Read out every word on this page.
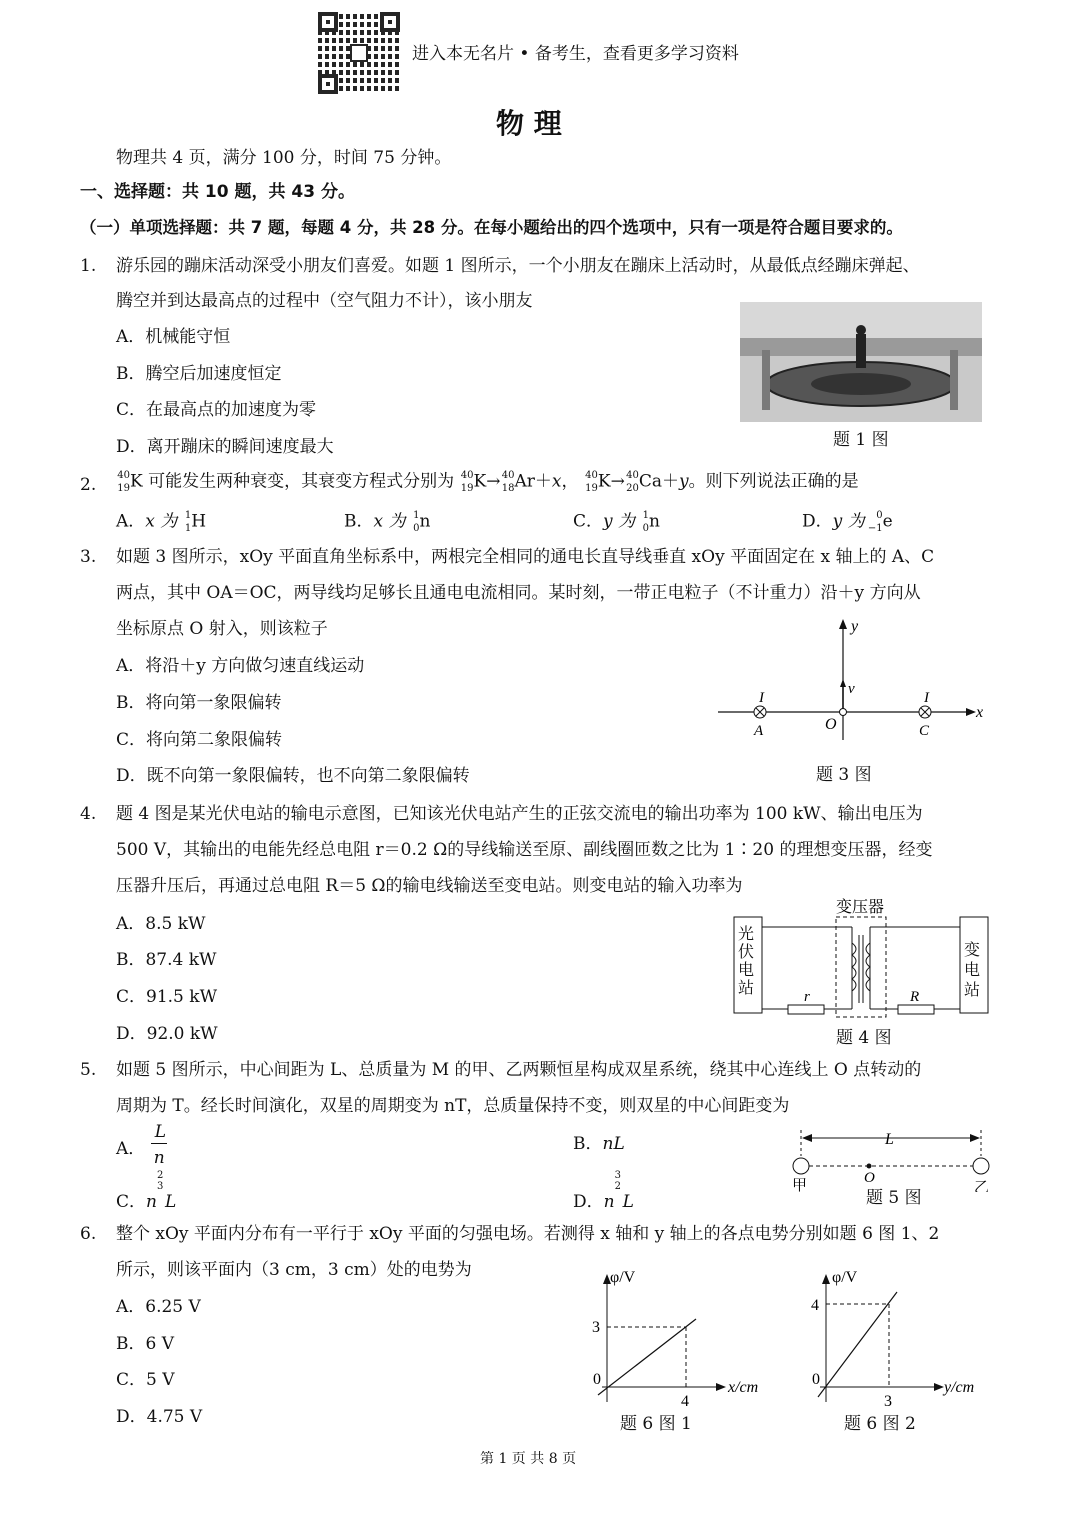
进入本无名片 • 备考生，查看更多学习资料
物 理
物理共 4 页，满分 100 分，时间 75 分钟。
一、选择题：共 10 题，共 43 分。
（一）单项选择题：共 7 题，每题 4 分，共 28 分。在每小题给出的四个选项中，只有一项是符合题目要求的。
1. 游乐园的蹦床活动深受小朋友们喜爱。如题 1 图所示，一个小朋友在蹦床上活动时，从最低点经蹦床弹起、
腾空并到达最高点的过程中（空气阻力不计），该小朋友
A．机械能守恒
B．腾空后加速度恒定
C．在最高点的加速度为零
D．离开蹦床的瞬间速度最大	题 1 图
2. 40
19 K 可能发生两种衰变，其衰变方程式分别为 40
19 K→ 40
18 Ar＋x， 40
19 K→ 40
20 Ca＋y。则下列说法正确的是
A．x 为 1
1 H	B．x 为 1
0 n	C．y 为 1
0 n	D．y 为 0
−1 e
3. 如题 3 图所示，xOy 平面直角坐标系中，两根完全相同的通电长直导线垂直 xOy 平面固定在 x 轴上的 A、C
两点，其中 OA＝OC，两导线均足够长且通电电流相同。某时刻，一带正电粒子（不计重力）沿＋y 方向从
坐标原点 O 射入，则该粒子
A．将沿＋y 方向做匀速直线运动
B．将向第一象限偏转
C．将向第二象限偏转
D．既不向第一象限偏转，也不向第二象限偏转
y
x
v
O
I	I
A	C
题 3 图
4. 题 4 图是某光伏电站的输电示意图，已知该光伏电站产生的正弦交流电的输出功率为 100 kW、输出电压为
500 V，其输出的电能先经总电阻 r＝0.2 Ω的导线输送至原、副线圈匝数之比为 1∶20 的理想变压器，经变
压器升压后，再通过总电阻 R＝5 Ω的输电线输送至变电站。则变电站的输入功率为
A．8.5 kW
B．87.4 kW
C．91.5 kW
D．92.0 kW
变压器
r	R
光伏电站
变电站
题 4 图
5. 如题 5 图所示，中心间距为 L、总质量为 M 的甲、乙两颗恒星构成双星系统，绕其中心连线上 O 点转动的
周期为 T。经长时间演化，双星的周期变为 nT，总质量保持不变，则双星的中心间距变为
A． $\frac{L}{n}$	B．nL
C．n
2
3
L	D．n
3
2
L
L
O
甲	乙
题 5 图
6. 整个 xOy 平面内分布有一平行于 xOy 平面的匀强电场。若测得 x 轴和 y 轴上的各点电势分别如题 6 图 1、2
所示，则该平面内（3 cm，3 cm）处的电势为
A．6.25 V
B．6 V
C．5 V
D．4.75 V
φ/V
x/cm
0
3
4
题 6 图 1
φ/V
y/cm
0
4
3
题 6 图 2
第 1 页 共 8 页
